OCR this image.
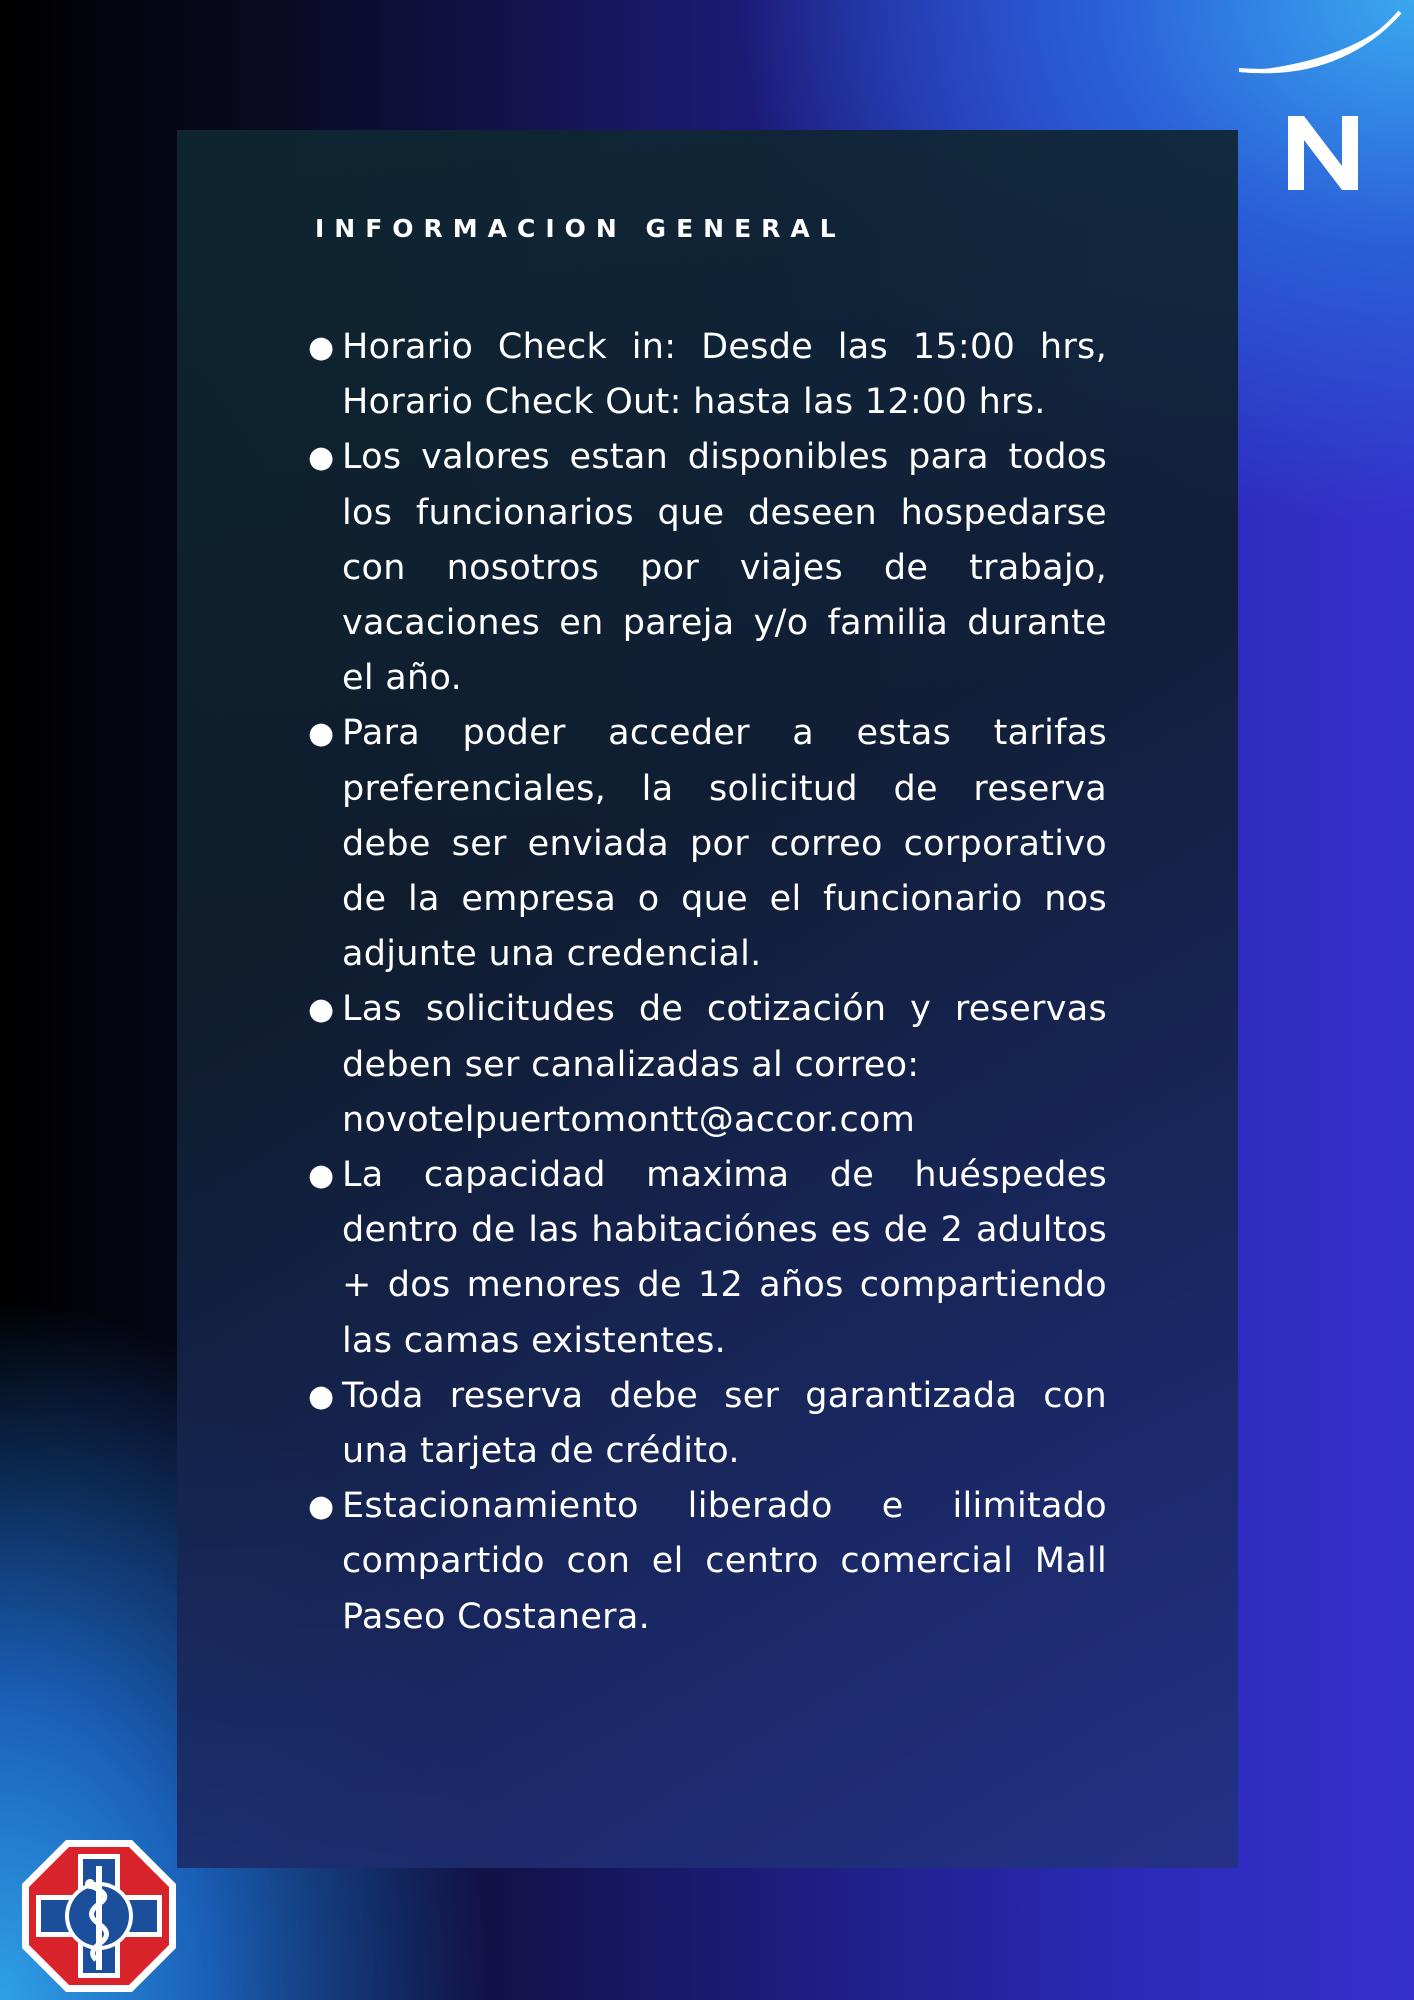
INFORMACION GENERAL
● Horario Check in: Desde las 15:00 hrs, Horario Check Out: hasta las 12:00 hrs.
● Los valores estan disponibles para todos los funcionarios que deseen hospedarse con nosotros por viajes de trabajo, vacaciones en pareja y/o familia durante el año.
● Para poder acceder a estas tarifas preferenciales, la solicitud de reserva debe ser enviada por correo corporativo de la empresa o que el funcionario nos adjunte una credencial.
● Las solicitudes de cotización y reservas deben ser canalizadas al correo:
novotelpuertomontt@accor.com
● La capacidad maxima de huéspedes dentro de las habitaciónes es de 2 adultos + dos menores de 12 años compartiendo las camas existentes.
● Toda reserva debe ser garantizada con una tarjeta de crédito.
● Estacionamiento liberado e ilimitado compartido con el centro comercial Mall Paseo Costanera.
